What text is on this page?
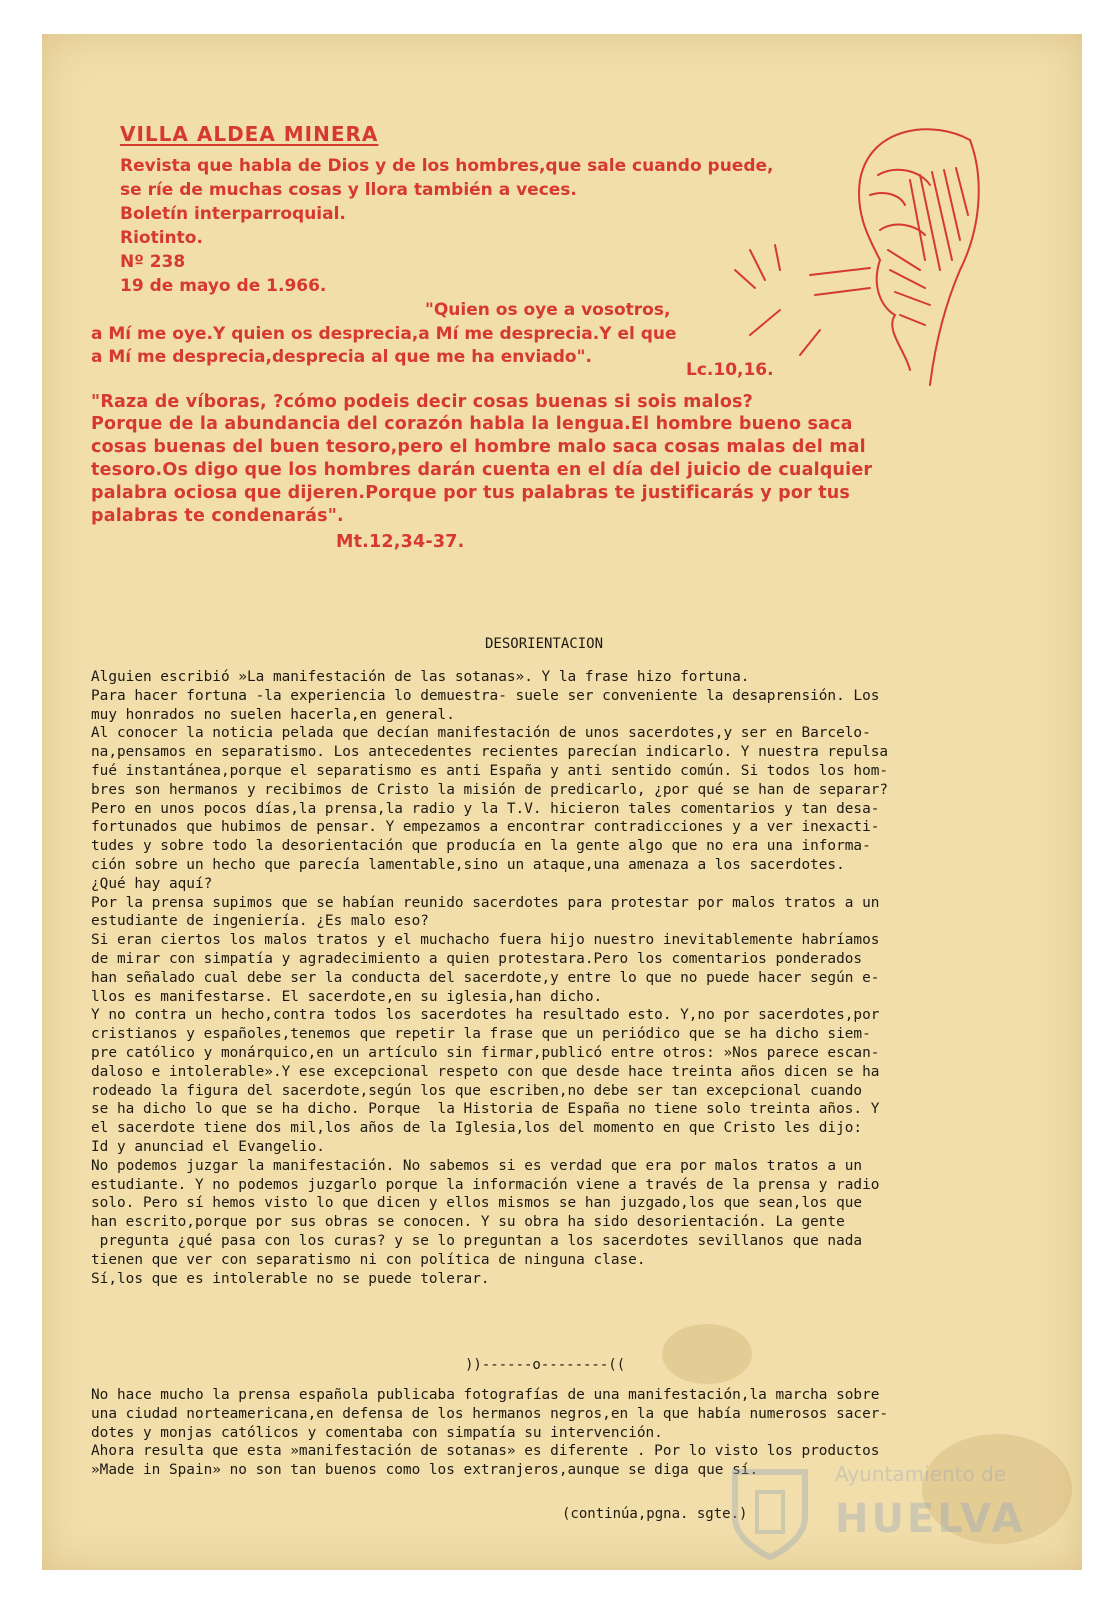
VILLA ALDEA MINERA
Revista que habla de Dios y de los hombres,que sale cuando puede,
se ríe de muchas cosas y llora también a veces.
Boletín interparroquial.
Riotinto.
Nº 238
19 de mayo de 1.966.
"Quien os oye a vosotros,
a Mí me oye.Y quien os desprecia,a Mí me desprecia.Y el que
a Mí me desprecia,desprecia al que me ha enviado".
Lc.10,16.
"Raza de víboras, ?cómo podeis decir cosas buenas si sois malos?
Porque de la abundancia del corazón habla la lengua.El hombre bueno saca
cosas buenas del buen tesoro,pero el hombre malo saca cosas malas del mal
tesoro.Os digo que los hombres darán cuenta en el día del juicio de cualquier
palabra ociosa que dijeren.Porque por tus palabras te justificarás y por tus
palabras te condenarás".
Mt.12,34-37.
DESORIENTACION
Alguien escribió »La manifestación de las sotanas». Y la frase hizo fortuna.
Para hacer fortuna -la experiencia lo demuestra- suele ser conveniente la desaprensión. Los
muy honrados no suelen hacerla,en general.
Al conocer la noticia pelada que decían manifestación de unos sacerdotes,y ser en Barcelo-
na,pensamos en separatismo. Los antecedentes recientes parecían indicarlo. Y nuestra repulsa
fué instantánea,porque el separatismo es anti España y anti sentido común. Si todos los hom-
bres son hermanos y recibimos de Cristo la misión de predicarlo, ¿por qué se han de separar?
Pero en unos pocos días,la prensa,la radio y la T.V. hicieron tales comentarios y tan desa-
fortunados que hubimos de pensar. Y empezamos a encontrar contradicciones y a ver inexacti-
tudes y sobre todo la desorientación que producía en la gente algo que no era una informa-
ción sobre un hecho que parecía lamentable,sino un ataque,una amenaza a los sacerdotes.
¿Qué hay aquí?
Por la prensa supimos que se habían reunido sacerdotes para protestar por malos tratos a un
estudiante de ingeniería. ¿Es malo eso?
Si eran ciertos los malos tratos y el muchacho fuera hijo nuestro inevitablemente habríamos
de mirar con simpatía y agradecimiento a quien protestara.Pero los comentarios ponderados
han señalado cual debe ser la conducta del sacerdote,y entre lo que no puede hacer según e-
llos es manifestarse. El sacerdote,en su iglesia,han dicho.
Y no contra un hecho,contra todos los sacerdotes ha resultado esto. Y,no por sacerdotes,por
cristianos y españoles,tenemos que repetir la frase que un periódico que se ha dicho siem-
pre católico y monárquico,en un artículo sin firmar,publicó entre otros: »Nos parece escan-
daloso e intolerable».Y ese excepcional respeto con que desde hace treinta años dicen se ha
rodeado la figura del sacerdote,según los que escriben,no debe ser tan excepcional cuando
se ha dicho lo que se ha dicho. Porque  la Historia de España no tiene solo treinta años. Y
el sacerdote tiene dos mil,los años de la Iglesia,los del momento en que Cristo les dijo:
Id y anunciad el Evangelio.
No podemos juzgar la manifestación. No sabemos si es verdad que era por malos tratos a un
estudiante. Y no podemos juzgarlo porque la información viene a través de la prensa y radio
solo. Pero sí hemos visto lo que dicen y ellos mismos se han juzgado,los que sean,los que
han escrito,porque por sus obras se conocen. Y su obra ha sido desorientación. La gente
pregunta ¿qué pasa con los curas? y se lo preguntan a los sacerdotes sevillanos que nada
tienen que ver con separatismo ni con política de ninguna clase.
Sí,los que es intolerable no se puede tolerar.
))------o--------((
No hace mucho la prensa española publicaba fotografías de una manifestación,la marcha sobre
una ciudad norteamericana,en defensa de los hermanos negros,en la que había numerosos sacer-
dotes y monjas católicos y comentaba con simpatía su intervención.
Ahora resulta que esta »manifestación de sotanas» es diferente . Por lo visto los productos
»Made in Spain» no son tan buenos como los extranjeros,aunque se diga que sí.
(continúa,pgna. sgte.)
Ayuntamiento de
HUELVA
